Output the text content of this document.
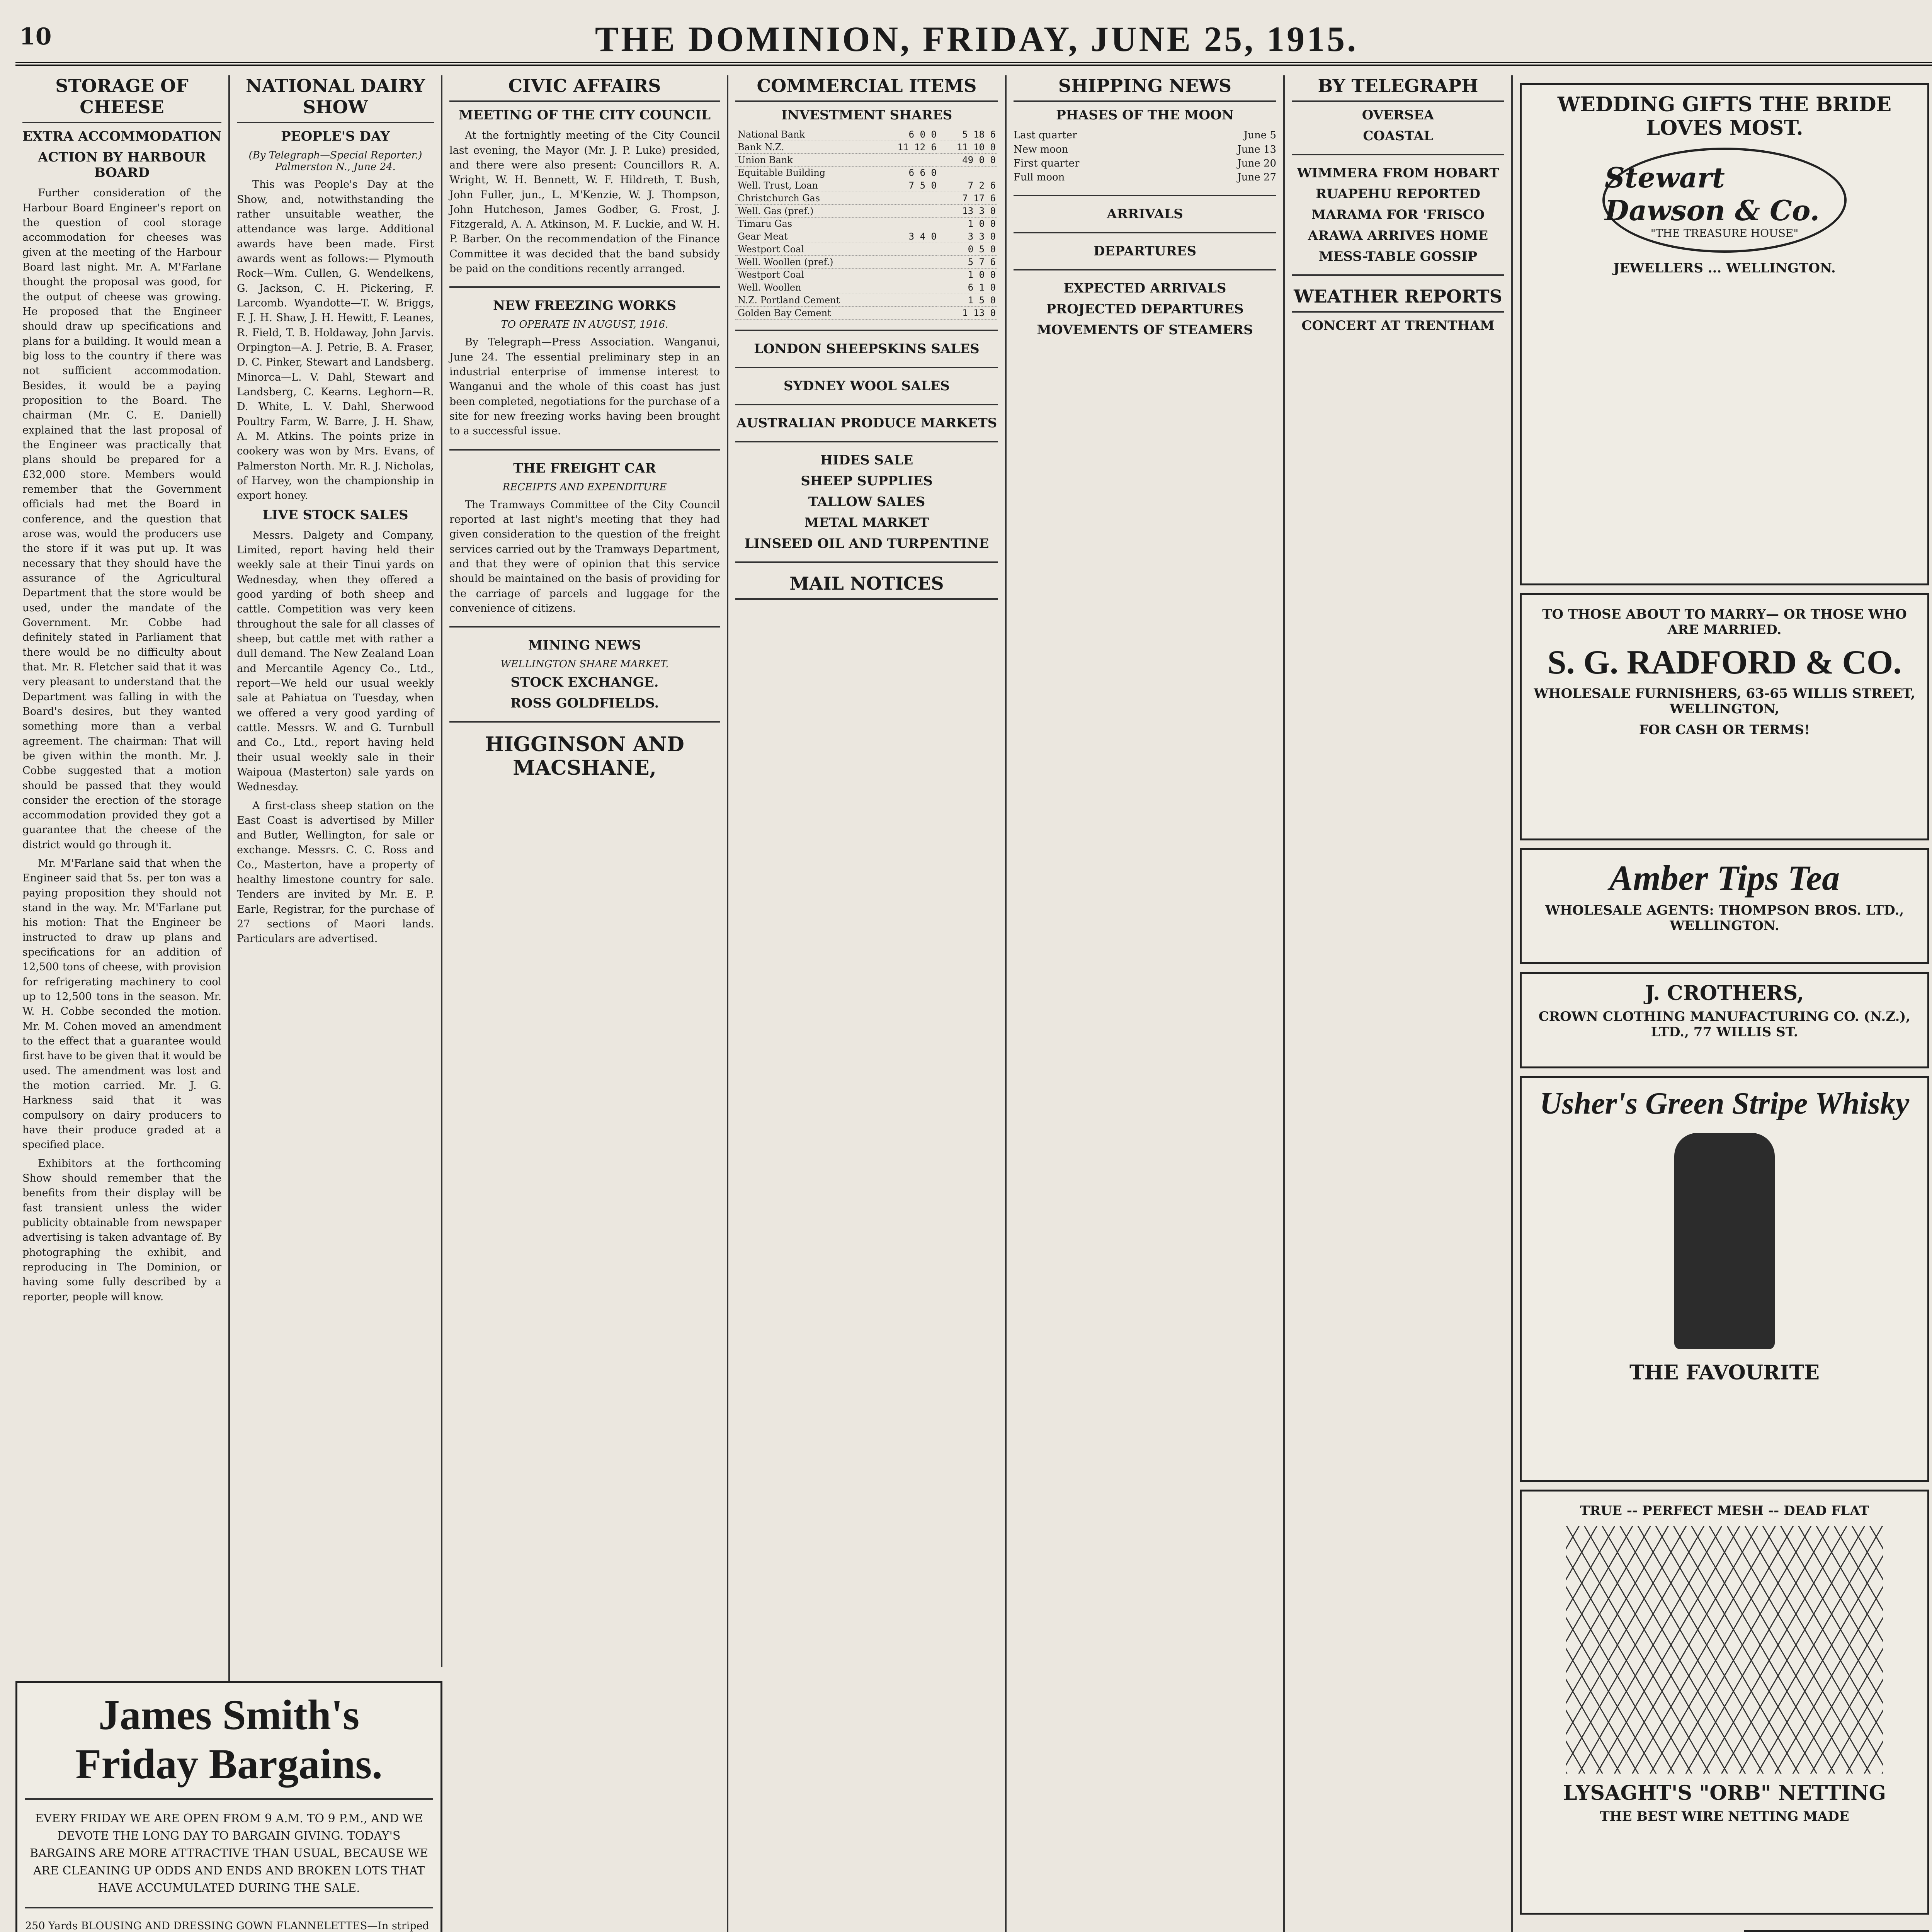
10	THE DOMINION, FRIDAY, JUNE 25, 1915.
STORAGE OF CHEESE
EXTRA ACCOMMODATION
ACTION BY HARBOUR BOARD

Further consideration of the Harbour Board Engineer's report on the question of cool storage accommodation for cheeses was given at the meeting of the Harbour Board last night. Mr. A. M'Farlane thought the proposal was good, for the output of cheese was growing. He proposed that the Engineer should draw up specifications and plans for a building. It would mean a big loss to the country if there was not sufficient accommodation. Besides, it would be a paying proposition to the Board. The chairman (Mr. C. E. Daniell) explained that the last proposal of the Engineer was practically that plans should be prepared for a £32,000 store. Members would remember that the Government officials had met the Board in conference, and the question that arose was, would the producers use the store if it was put up. It was necessary that they should have the assurance of the Agricultural Department that the store would be used, under the mandate of the Government. Mr. Cobbe had definitely stated in Parliament that there would be no difficulty about that. Mr. R. Fletcher said that it was very pleasant to understand that the Department was falling in with the Board's desires, but they wanted something more than a verbal agreement. The chairman: That will be given within the month. Mr. J. Cobbe suggested that a motion should be passed that they would consider the erection of the storage accommodation provided they got a guarantee that the cheese of the district would go through it.

Mr. M'Farlane said that when the Engineer said that 5s. per ton was a paying proposition they should not stand in the way. Mr. M'Farlane put his motion: That the Engineer be instructed to draw up plans and specifications for an addition of 12,500 tons of cheese, with provision for refrigerating machinery to cool up to 12,500 tons in the season. Mr. W. H. Cobbe seconded the motion. Mr. M. Cohen moved an amendment to the effect that a guarantee would first have to be given that it would be used. The amendment was lost and the motion carried. Mr. J. G. Harkness said that it was compulsory on dairy producers to have their produce graded at a specified place.

Exhibitors at the forthcoming Show should remember that the benefits from their display will be fast transient unless the wider publicity obtainable from newspaper advertising is taken advantage of. By photographing the exhibit, and reproducing in The Dominion, or having some fully described by a reporter, people will know.

NATIONAL DAIRY SHOW
PEOPLE'S DAY
(By Telegraph—Special Reporter.) Palmerston N., June 24.

This was People's Day at the Show, and, notwithstanding the rather unsuitable weather, the attendance was large. Additional awards have been made. First awards went as follows:— Plymouth Rock—Wm. Cullen, G. Wendelkens, G. Jackson, C. H. Pickering, F. Larcomb. Wyandotte—T. W. Briggs, F. J. H. Shaw, J. H. Hewitt, F. Leanes, R. Field, T. B. Holdaway, John Jarvis. Orpington—A. J. Petrie, B. A. Fraser, D. C. Pinker, Stewart and Landsberg. Minorca—L. V. Dahl, Stewart and Landsberg, C. Kearns. Leghorn—R. D. White, L. V. Dahl, Sherwood Poultry Farm, W. Barre, J. H. Shaw, A. M. Atkins. The points prize in cookery was won by Mrs. Evans, of Palmerston North. Mr. R. J. Nicholas, of Harvey, won the championship in export honey.

LIVE STOCK SALES

Messrs. Dalgety and Company, Limited, report having held their weekly sale at their Tinui yards on Wednesday, when they offered a good yarding of both sheep and cattle. Competition was very keen throughout the sale for all classes of sheep, but cattle met with rather a dull demand. The New Zealand Loan and Mercantile Agency Co., Ltd., report—We held our usual weekly sale at Pahiatua on Tuesday, when we offered a very good yarding of cattle. Messrs. W. and G. Turnbull and Co., Ltd., report having held their usual weekly sale in their Waipoua (Masterton) sale yards on Wednesday.

A first-class sheep station on the East Coast is advertised by Miller and Butler, Wellington, for sale or exchange. Messrs. C. C. Ross and Co., Masterton, have a property of healthy limestone country for sale. Tenders are invited by Mr. E. P. Earle, Registrar, for the purchase of 27 sections of Maori lands. Particulars are advertised.

James Smith's
Friday Bargains.
EVERY FRIDAY WE ARE OPEN FROM 9 A.M. TO 9 P.M., AND WE DEVOTE THE LONG DAY TO BARGAIN GIVING. TODAY'S BARGAINS ARE MORE ATTRACTIVE THAN USUAL, BECAUSE WE ARE CLEANING UP ODDS AND ENDS AND BROKEN LOTS THAT HAVE ACCUMULATED DURING THE SALE.
250 Yards BLOUSING AND DRESSING GOWN FLANNELETTES—In striped
CIVIC AFFAIRS
MEETING OF THE CITY COUNCIL

At the fortnightly meeting of the City Council last evening, the Mayor (Mr. J. P. Luke) presided, and there were also present: Councillors R. A. Wright, W. H. Bennett, W. F. Hildreth, T. Bush, John Fuller, jun., L. M'Kenzie, W. J. Thompson, John Hutcheson, James Godber, G. Frost, J. Fitzgerald, A. A. Atkinson, M. F. Luckie, and W. H. P. Barber. On the recommendation of the Finance Committee it was decided that the band subsidy be paid on the conditions recently arranged.

NEW FREEZING WORKS
TO OPERATE IN AUGUST, 1916.

By Telegraph—Press Association. Wanganui, June 24. The essential preliminary step in an industrial enterprise of immense interest to Wanganui and the whole of this coast has just been completed, negotiations for the purchase of a site for new freezing works having been brought to a successful issue.

THE FREIGHT CAR
RECEIPTS AND EXPENDITURE

The Tramways Committee of the City Council reported at last night's meeting that they had given consideration to the question of the freight services carried out by the Tramways Department, and that they were of opinion that this service should be maintained on the basis of providing for the carriage of parcels and luggage for the convenience of citizens.

MINING NEWS
WELLINGTON SHARE MARKET.
STOCK EXCHANGE.
ROSS GOLDFIELDS.
HIGGINSON AND MACSHANE,
COMMERCIAL ITEMS
INVESTMENT SHARES
National Bank	6 0 0	5 18 6
Bank N.Z.	11 12 6	11 10 0
Union Bank		49 0 0
Equitable Building	6 6 0	
Well. Trust, Loan	7 5 0	7 2 6
Christchurch Gas		7 17 6
Well. Gas (pref.)		13 3 0
Timaru Gas		1 0 0
Gear Meat	3 4 0	3 3 0
Westport Coal		0 5 0
Well. Woollen (pref.)		5 7 6
Westport Coal		1 0 0
Well. Woollen		6 1 0
N.Z. Portland Cement		1 5 0
Golden Bay Cement		1 13 0
LONDON SHEEPSKINS SALES
SYDNEY WOOL SALES
AUSTRALIAN PRODUCE MARKETS
HIDES SALE
SHEEP SUPPLIES
TALLOW SALES
METAL MARKET
LINSEED OIL AND TURPENTINE
MAIL NOTICES
SHIPPING NEWS
PHASES OF THE MOON
Last quarter	June 5
New moon	June 13
First quarter	June 20
Full moon	June 27
ARRIVALS
DEPARTURES
EXPECTED ARRIVALS
PROJECTED DEPARTURES
MOVEMENTS OF STEAMERS
BY TELEGRAPH
OVERSEA
COASTAL
WIMMERA FROM HOBART
RUAPEHU REPORTED
MARAMA FOR 'FRISCO
ARAWA ARRIVES HOME
MESS-TABLE GOSSIP
WEATHER REPORTS
CONCERT AT TRENTHAM
WEDDING GIFTS THE BRIDE LOVES MOST.
Stewart Dawson & Co.
"THE TREASURE HOUSE"
JEWELLERS ... WELLINGTON.
TO THOSE ABOUT TO MARRY— OR THOSE WHO ARE MARRIED.
S. G. RADFORD & CO.
WHOLESALE FURNISHERS, 63-65 WILLIS STREET, WELLINGTON,
FOR CASH OR TERMS!
Amber Tips Tea
WHOLESALE AGENTS: THOMPSON BROS. LTD., WELLINGTON.
J. CROTHERS,
CROWN CLOTHING MANUFACTURING CO. (N.Z.), LTD., 77 WILLIS ST.
Usher's Green Stripe Whisky
THE FAVOURITE
TRUE -- PERFECT MESH -- DEAD FLAT
LYSAGHT'S "ORB" NETTING
THE BEST WIRE NETTING MADE
